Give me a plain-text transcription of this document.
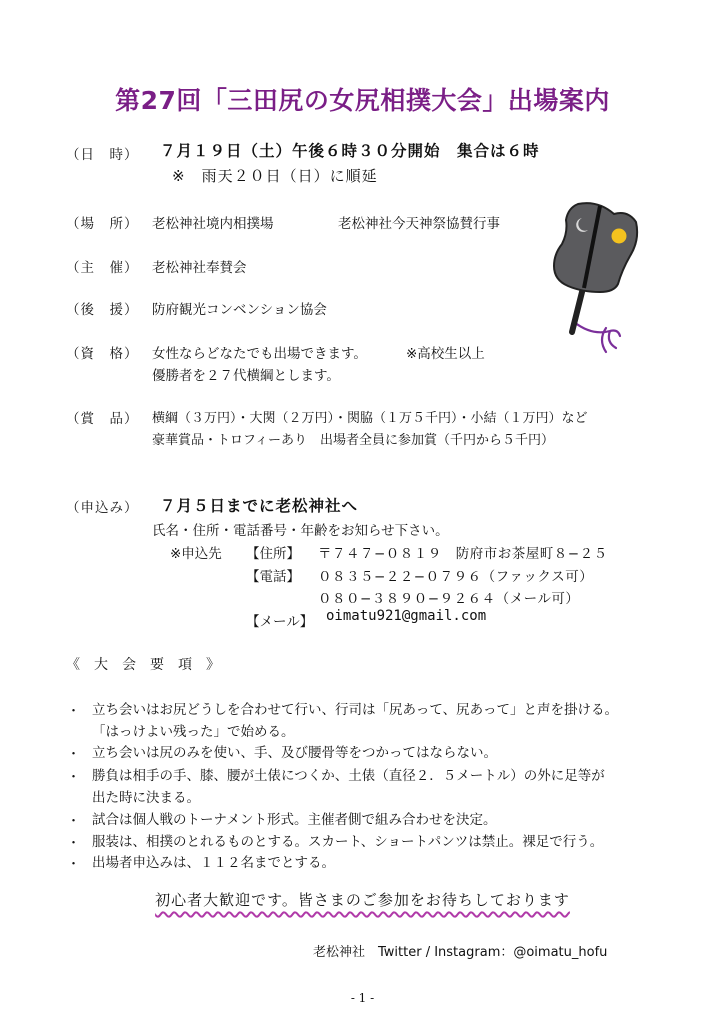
第27回「三田尻の女尻相撲大会」出場案内
（日　時） ７月１９日（土）午後６時３０分開始　集合は６時
※　雨天２０日（日）に順延
（場　所） 老松神社境内相撲場	老松神社今天神祭協賛行事
（主　催） 老松神社奉賛会
（後　援） 防府観光コンベンション協会
（資　格） 女性ならどなたでも出場できます。	※高校生以上
優勝者を２７代横綱とします。
（賞　品） 横綱（３万円）・大関（２万円）・関脇（１万５千円）・小結（１万円）など
豪華賞品・トロフィーあり　出場者全員に参加賞（千円から５千円）
（申込み） ７月５日までに老松神社へ
氏名・住所・電話番号・年齢をお知らせ下さい。
※申込先 【住所】 〒７４７−０８１９　防府市お茶屋町８−２５
【電話】 ０８３５−２２−０７９６（ファックス可）
０８０−３８９０−９２６４（メール可）
【メール】 oimatu921@gmail.com
《　大　会　要　項　》
・ 立ち会いはお尻どうしを合わせて行い、行司は「尻あって、尻あって」と声を掛ける。
「はっけよい残った」で始める。
・ 立ち会いは尻のみを使い、手、及び腰骨等をつかってはならない。
・ 勝負は相手の手、膝、腰が土俵につくか、土俵（直径２．５メートル）の外に足等が
出た時に決まる。
・ 試合は個人戦のトーナメント形式。主催者側で組み合わせを決定。
・ 服装は、相撲のとれるものとする。スカート、ショートパンツは禁止。裸足で行う。
・ 出場者申込みは、１１２名までとする。
初心者大歓迎です。皆さまのご参加をお待ちしております
老松神社　Twitter / Instagram：@oimatu_hofu
- 1 -
